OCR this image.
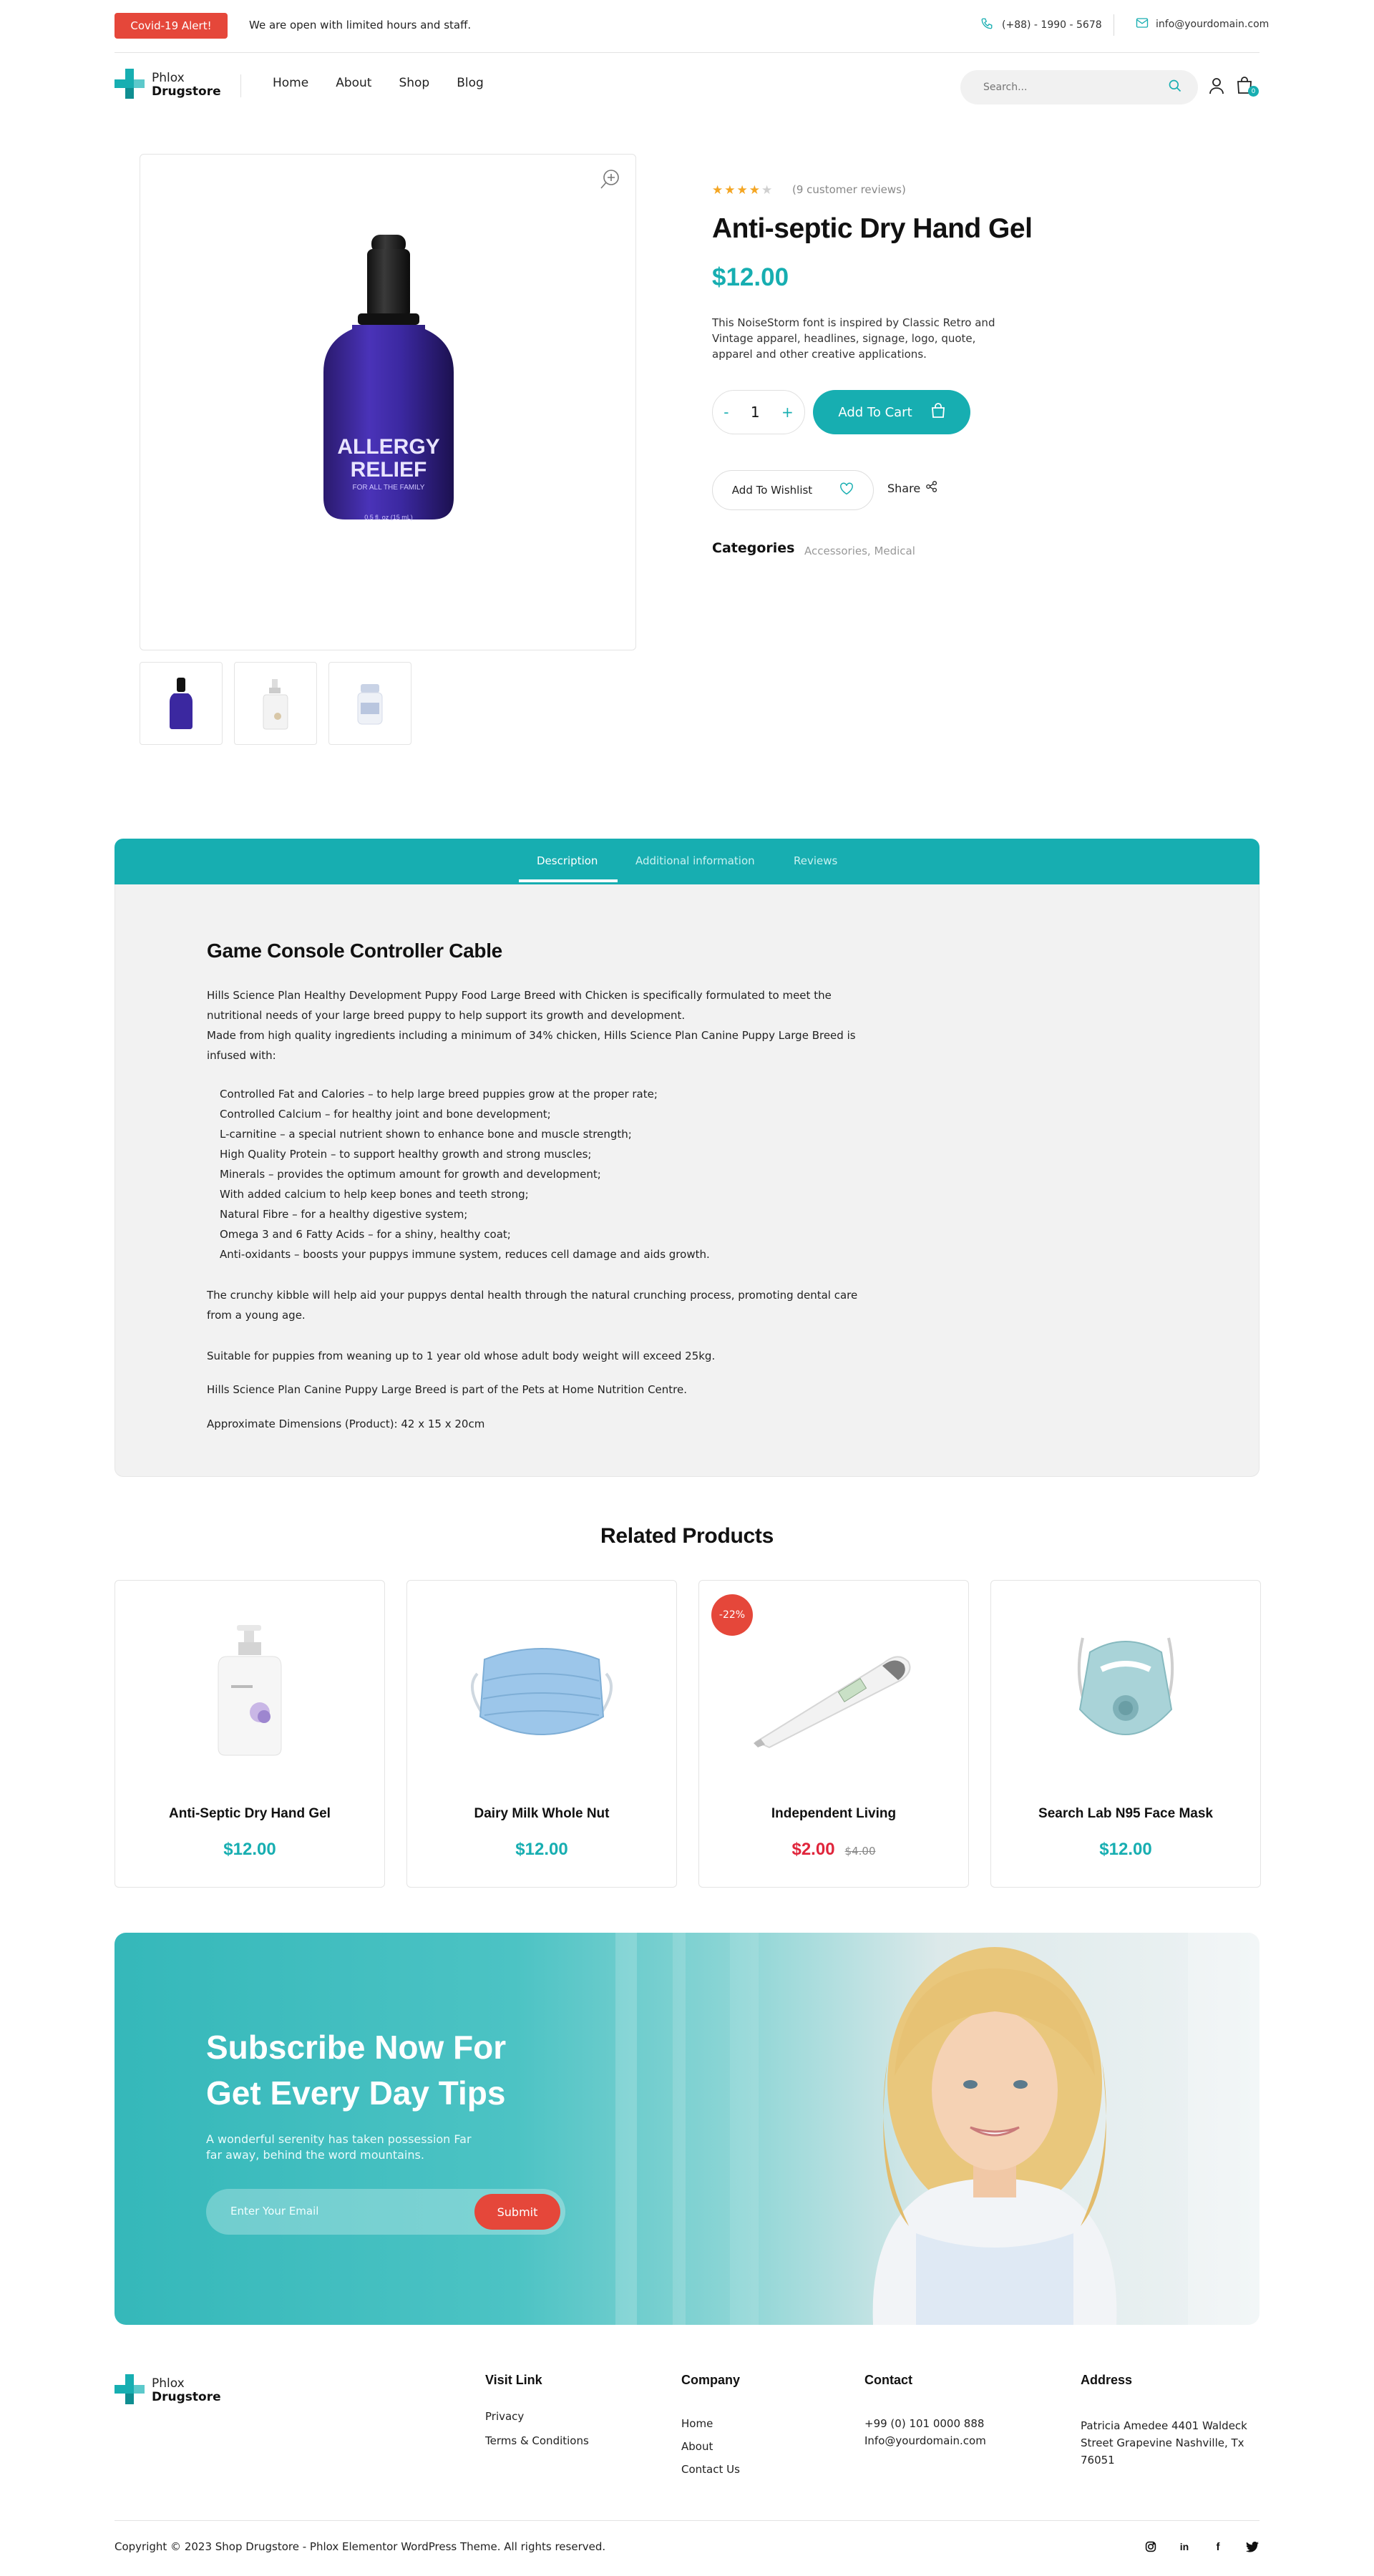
Covid-19 Alert!	We are open with limited hours and staff.	(+88) - 1990 - 5678	info@yourdomain.com
Phlox
Drugstore
Home About Shop Blog
Search...
0
ALLERGY
RELIEF
FOR ALL THE FAMILY
0.5 fl. oz (15 mL)
★ ★ ★ ★ ★ (9 customer reviews)
Anti-septic Dry Hand Gel
$12.00
This NoiseStorm font is inspired by Classic Retro and Vintage apparel, headlines, signage, logo, quote, apparel and other creative applications.
- 1 +	Add To Cart
Add To Wishlist	Share
Categories Accessories, Medical
Description	Additional information	Reviews
Game Console Controller Cable
Hills Science Plan Healthy Development Puppy Food Large Breed with Chicken is specifically formulated to meet the nutritional needs of your large breed puppy to help support its growth and development.
Made from high quality ingredients including a minimum of 34% chicken, Hills Science Plan Canine Puppy Large Breed is infused with:
Controlled Fat and Calories – to help large breed puppies grow at the proper rate;
Controlled Calcium – for healthy joint and bone development;
L-carnitine – a special nutrient shown to enhance bone and muscle strength;
High Quality Protein – to support healthy growth and strong muscles;
Minerals – provides the optimum amount for growth and development;
With added calcium to help keep bones and teeth strong;
Natural Fibre – for a healthy digestive system;
Omega 3 and 6 Fatty Acids – for a shiny, healthy coat;
Anti-oxidants – boosts your puppys immune system, reduces cell damage and aids growth.
The crunchy kibble will help aid your puppys dental health through the natural crunching process, promoting dental care from a young age.
Suitable for puppies from weaning up to 1 year old whose adult body weight will exceed 25kg.
Hills Science Plan Canine Puppy Large Breed is part of the Pets at Home Nutrition Centre.
Approximate Dimensions (Product): 42 x 15 x 20cm
Related Products
Anti-Septic Dry Hand Gel
$12.00
Dairy Milk Whole Nut
$12.00
-22%
Independent Living
$2.00 $4.00
Search Lab N95 Face Mask
$12.00
Subscribe Now For
Get Every Day Tips
A wonderful serenity has taken possession Far far away, behind the word mountains.
Enter Your Email	Submit
Phlox
Drugstore
Visit Link
Privacy
Terms & Conditions
Company
Home
About
Contact Us
Contact
+99 (0) 101 0000 888
Info@yourdomain.com
Address
Patricia Amedee 4401 Waldeck Street Grapevine Nashville, Tx 76051
Copyright © 2023 Shop Drugstore - Phlox Elementor WordPress Theme. All rights reserved.	in	f
